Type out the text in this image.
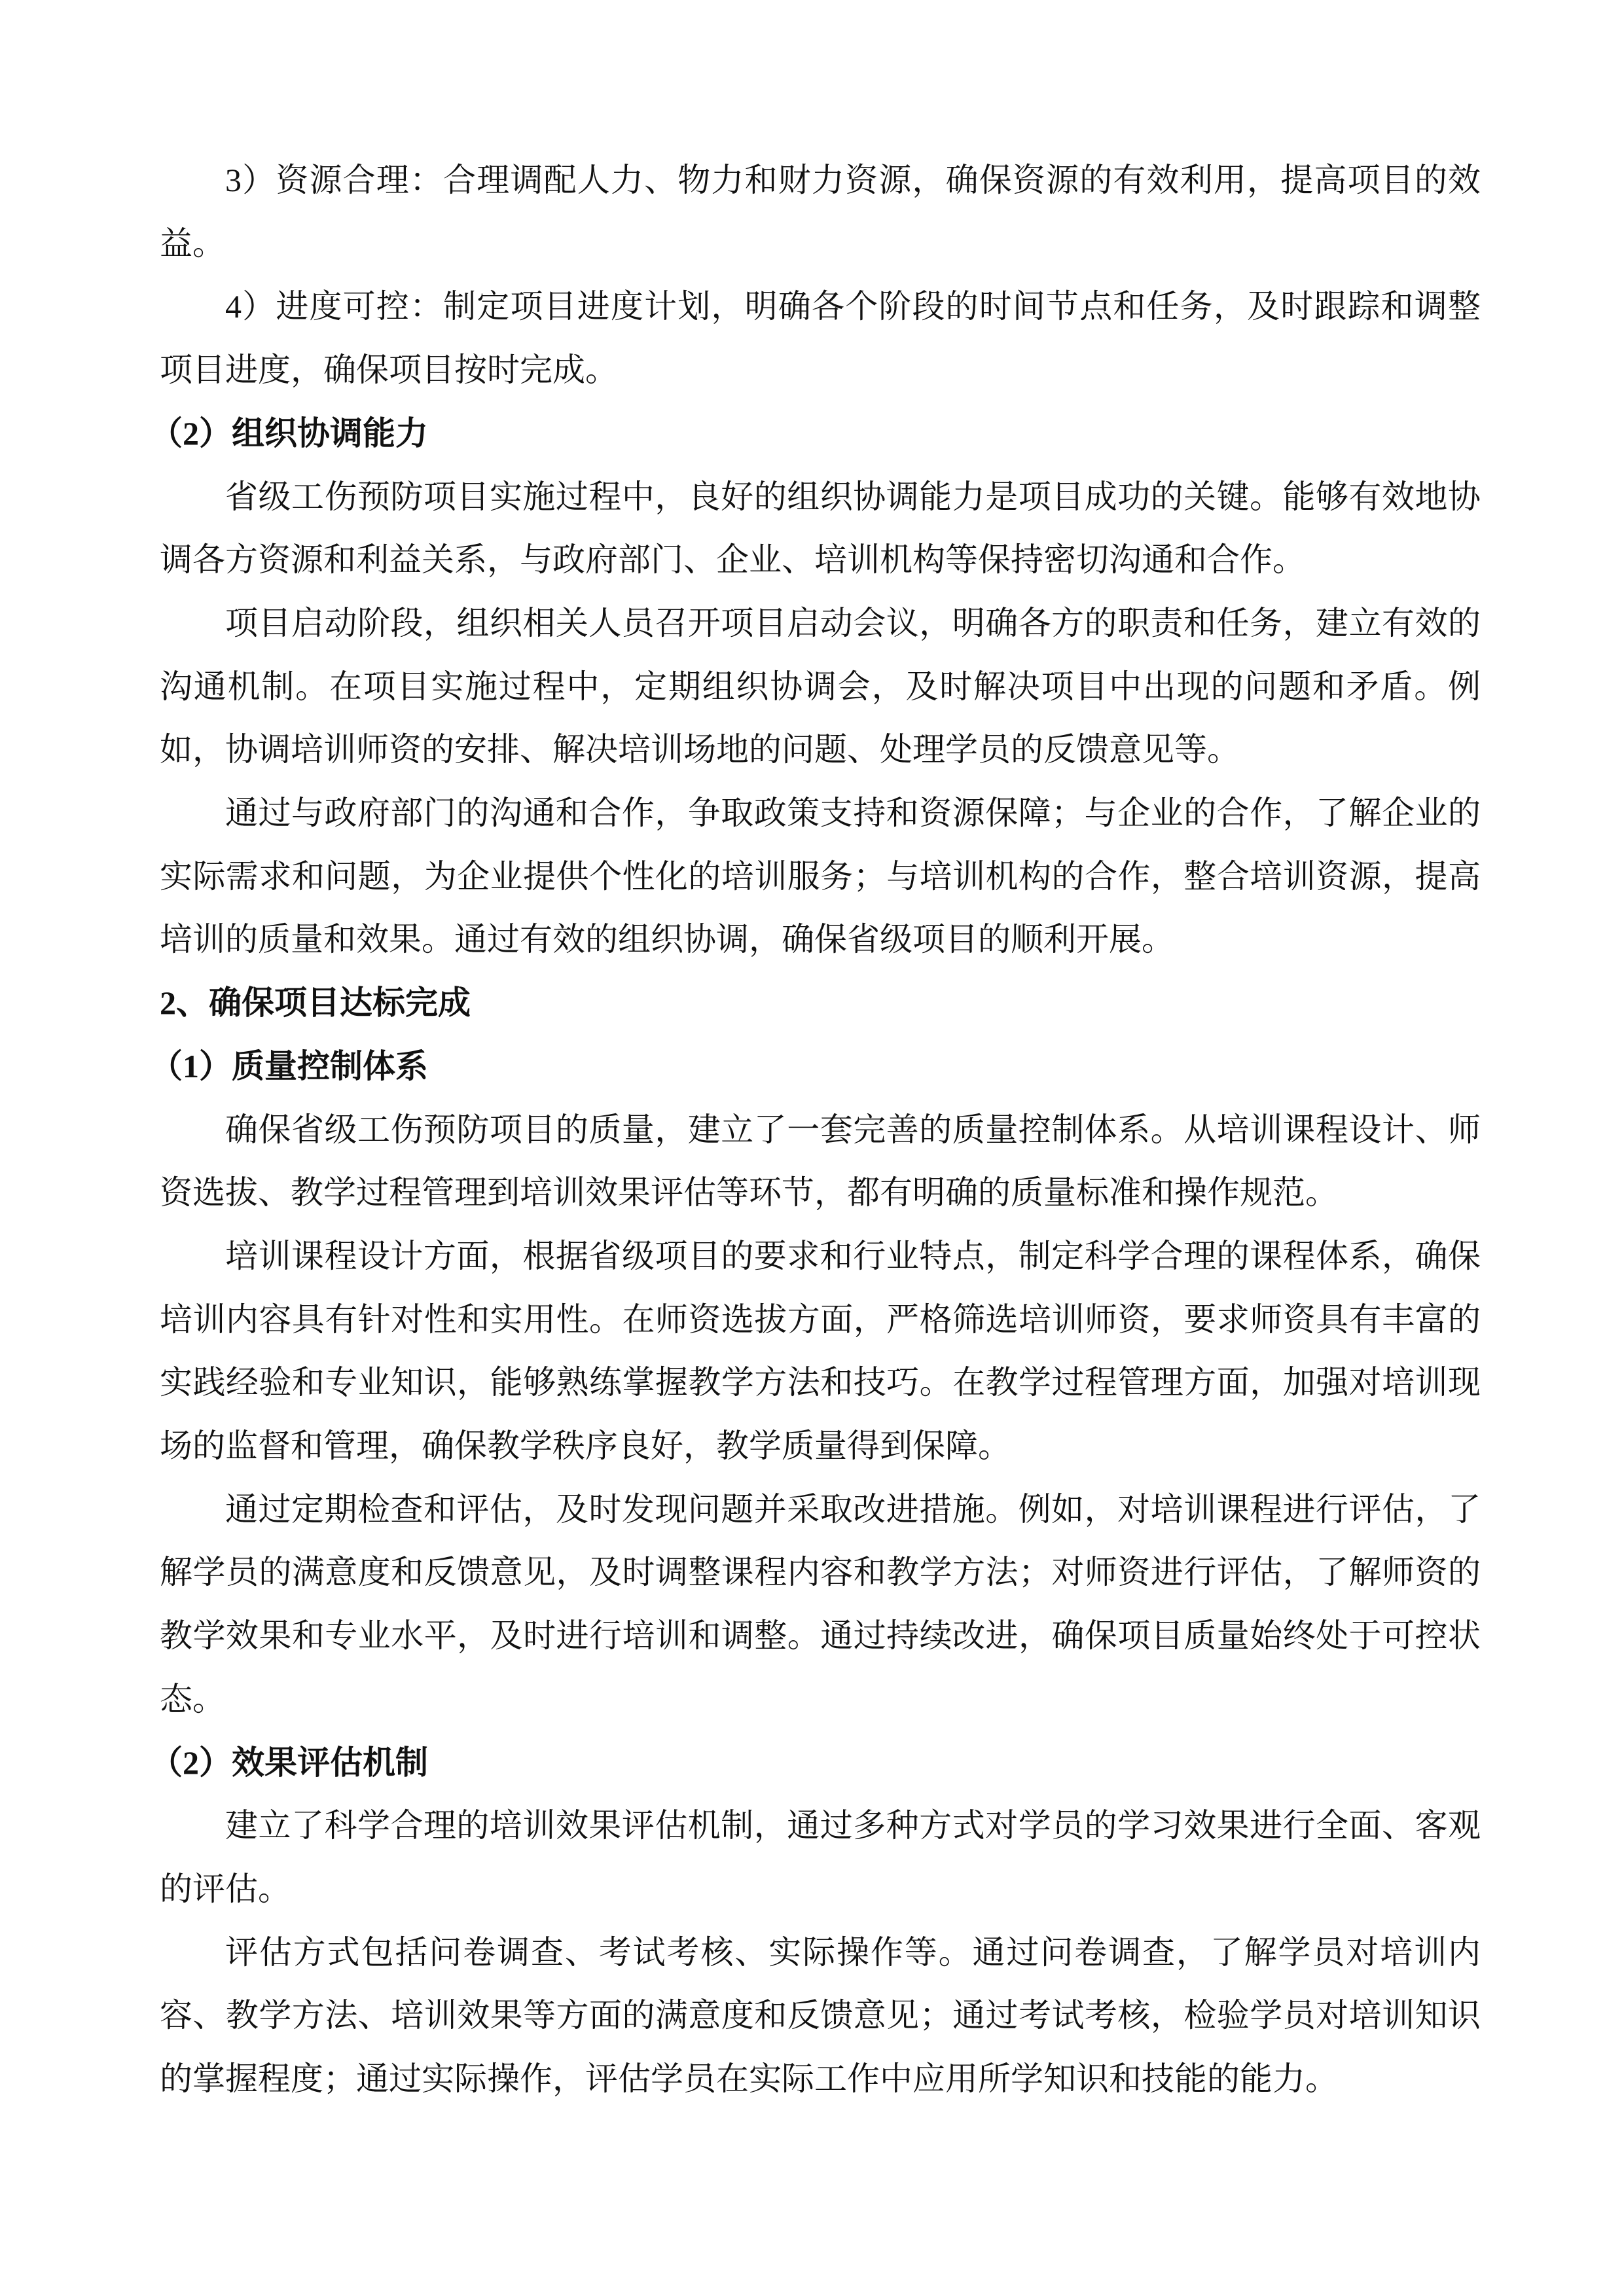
3）资源合理：合理调配人力、物力和财力资源，确保资源的有效利用，提高项目的效益。

4）进度可控：制定项目进度计划，明确各个阶段的时间节点和任务，及时跟踪和调整项目进度，确保项目按时完成。

（2）组织协调能力

省级工伤预防项目实施过程中，良好的组织协调能力是项目成功的关键。能够有效地协调各方资源和利益关系，与政府部门、企业、培训机构等保持密切沟通和合作。

项目启动阶段，组织相关人员召开项目启动会议，明确各方的职责和任务，建立有效的沟通机制。在项目实施过程中，定期组织协调会，及时解决项目中出现的问题和矛盾。例如，协调培训师资的安排、解决培训场地的问题、处理学员的反馈意见等。

通过与政府部门的沟通和合作，争取政策支持和资源保障；与企业的合作，了解企业的实际需求和问题，为企业提供个性化的培训服务；与培训机构的合作，整合培训资源，提高培训的质量和效果。通过有效的组织协调，确保省级项目的顺利开展。

2、确保项目达标完成
（1）质量控制体系

确保省级工伤预防项目的质量，建立了一套完善的质量控制体系。从培训课程设计、师资选拔、教学过程管理到培训效果评估等环节，都有明确的质量标准和操作规范。

培训课程设计方面，根据省级项目的要求和行业特点，制定科学合理的课程体系，确保培训内容具有针对性和实用性。在师资选拔方面，严格筛选培训师资，要求师资具有丰富的实践经验和专业知识，能够熟练掌握教学方法和技巧。在教学过程管理方面，加强对培训现场的监督和管理，确保教学秩序良好，教学质量得到保障。

通过定期检查和评估，及时发现问题并采取改进措施。例如，对培训课程进行评估，了解学员的满意度和反馈意见，及时调整课程内容和教学方法；对师资进行评估，了解师资的教学效果和专业水平，及时进行培训和调整。通过持续改进，确保项目质量始终处于可控状态。

（2）效果评估机制

建立了科学合理的培训效果评估机制，通过多种方式对学员的学习效果进行全面、客观的评估。

评估方式包括问卷调查、考试考核、实际操作等。通过问卷调查，了解学员对培训内容、教学方法、培训效果等方面的满意度和反馈意见；通过考试考核，检验学员对培训知识的掌握程度；通过实际操作，评估学员在实际工作中应用所学知识和技能的能力。
